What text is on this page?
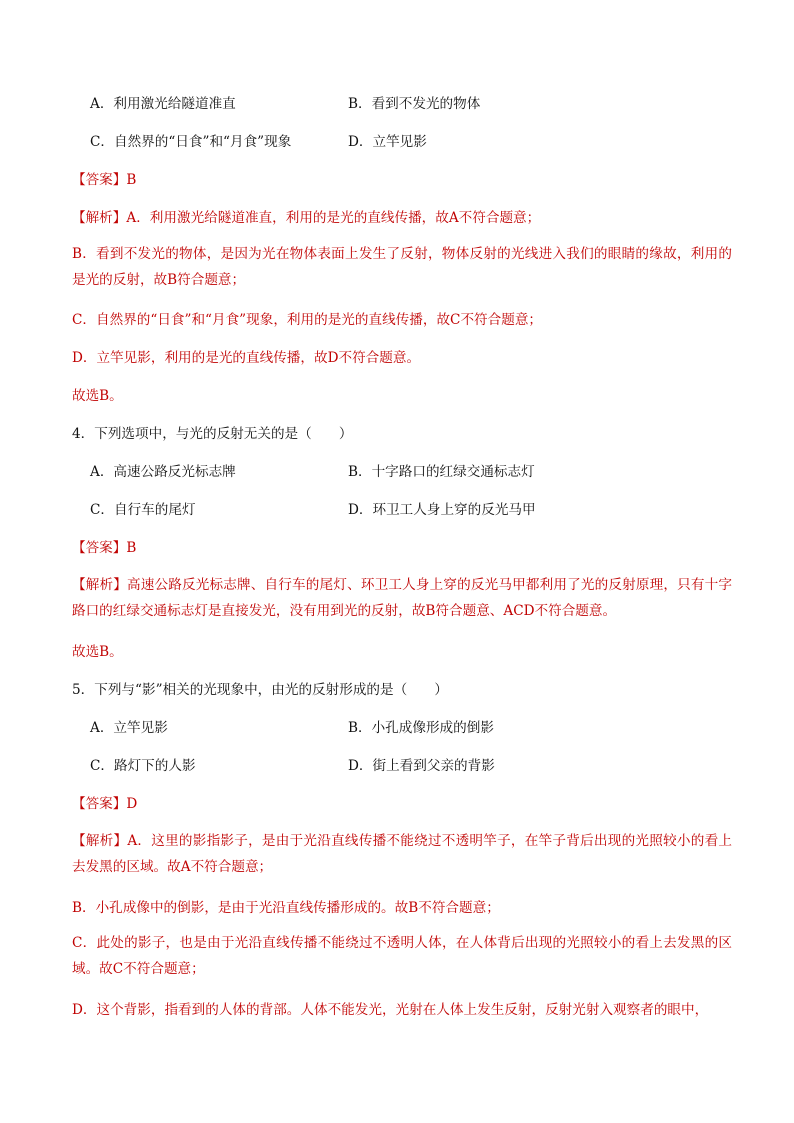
A．利用激光给隧道准直	B．看到不发光的物体
C．自然界的“日食”和“月食”现象	D．立竿见影
【答案】B
【解析】A．利用激光给隧道准直，利用的是光的直线传播，故A不符合题意；
B．看到不发光的物体，是因为光在物体表面上发生了反射，物体反射的光线进入我们的眼睛的缘故，利用的是光的反射，故B符合题意；
C．自然界的“日食”和“月食”现象，利用的是光的直线传播，故C不符合题意；
D．立竿见影，利用的是光的直线传播，故D不符合题意。
故选B。
4．下列选项中，与光的反射无关的是（　　）
A．高速公路反光标志牌	B．十字路口的红绿交通标志灯
C．自行车的尾灯	D．环卫工人身上穿的反光马甲
【答案】B
【解析】高速公路反光标志牌、自行车的尾灯、环卫工人身上穿的反光马甲都利用了光的反射原理，只有十字路口的红绿交通标志灯是直接发光，没有用到光的反射，故B符合题意、ACD不符合题意。
故选B。
5．下列与“影”相关的光现象中，由光的反射形成的是（　　）
A．立竿见影	B．小孔成像形成的倒影
C．路灯下的人影	D．街上看到父亲的背影
【答案】D
【解析】A．这里的影指影子，是由于光沿直线传播不能绕过不透明竿子，在竿子背后出现的光照较小的看上去发黑的区域。故A不符合题意；
B．小孔成像中的倒影，是由于光沿直线传播形成的。故B不符合题意；
C．此处的影子，也是由于光沿直线传播不能绕过不透明人体，在人体背后出现的光照较小的看上去发黑的区域。故C不符合题意；
D．这个背影，指看到的人体的背部。人体不能发光，光射在人体上发生反射，反射光射入观察者的眼中，
